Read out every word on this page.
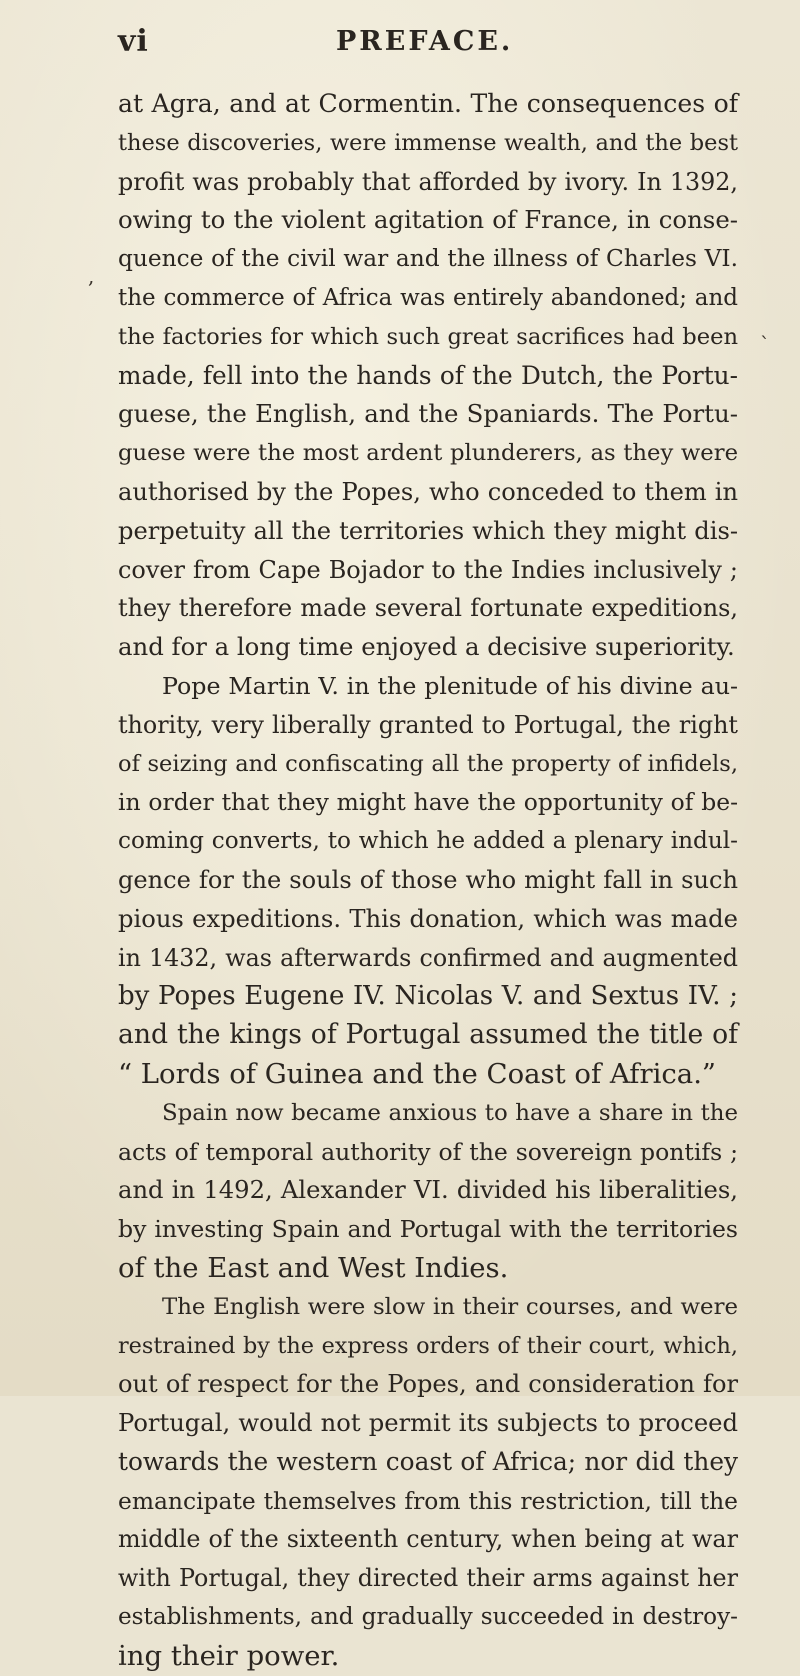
vi	PREFACE.
at Agra, and at Cormentin. The consequences of
these discoveries, were immense wealth, and the best
profit was probably that afforded by ivory. In 1392,
owing to the violent agitation of France, in conse-
quence of the civil war and the illness of Charles VI.
the commerce of Africa was entirely abandoned; and
the factories for which such great sacrifices had been
made, fell into the hands of the Dutch, the Portu-
guese, the English, and the Spaniards. The Portu-
guese were the most ardent plunderers, as they were
authorised by the Popes, who conceded to them in
perpetuity all the territories which they might dis-
cover from Cape Bojador to the Indies inclusively ;
they therefore made several fortunate expeditions,
and for a long time enjoyed a decisive superiority.
Pope Martin V. in the plenitude of his divine au-
thority, very liberally granted to Portugal, the right
of seizing and confiscating all the property of infidels,
in order that they might have the opportunity of be-
coming converts, to which he added a plenary indul-
gence for the souls of those who might fall in such
pious expeditions. This donation, which was made
in 1432, was afterwards confirmed and augmented
by Popes Eugene IV. Nicolas V. and Sextus IV. ;
and the kings of Portugal assumed the title of
“ Lords of Guinea and the Coast of Africa.”
Spain now became anxious to have a share in the
acts of temporal authority of the sovereign pontifs ;
and in 1492, Alexander VI. divided his liberalities,
by investing Spain and Portugal with the territories
of the East and West Indies.
The English were slow in their courses, and were
restrained by the express orders of their court, which,
out of respect for the Popes, and consideration for
Portugal, would not permit its subjects to proceed
towards the western coast of Africa; nor did they
emancipate themselves from this restriction, till the
middle of the sixteenth century, when being at war
with Portugal, they directed their arms against her
establishments, and gradually succeeded in destroy-
ing their power.
,
`
